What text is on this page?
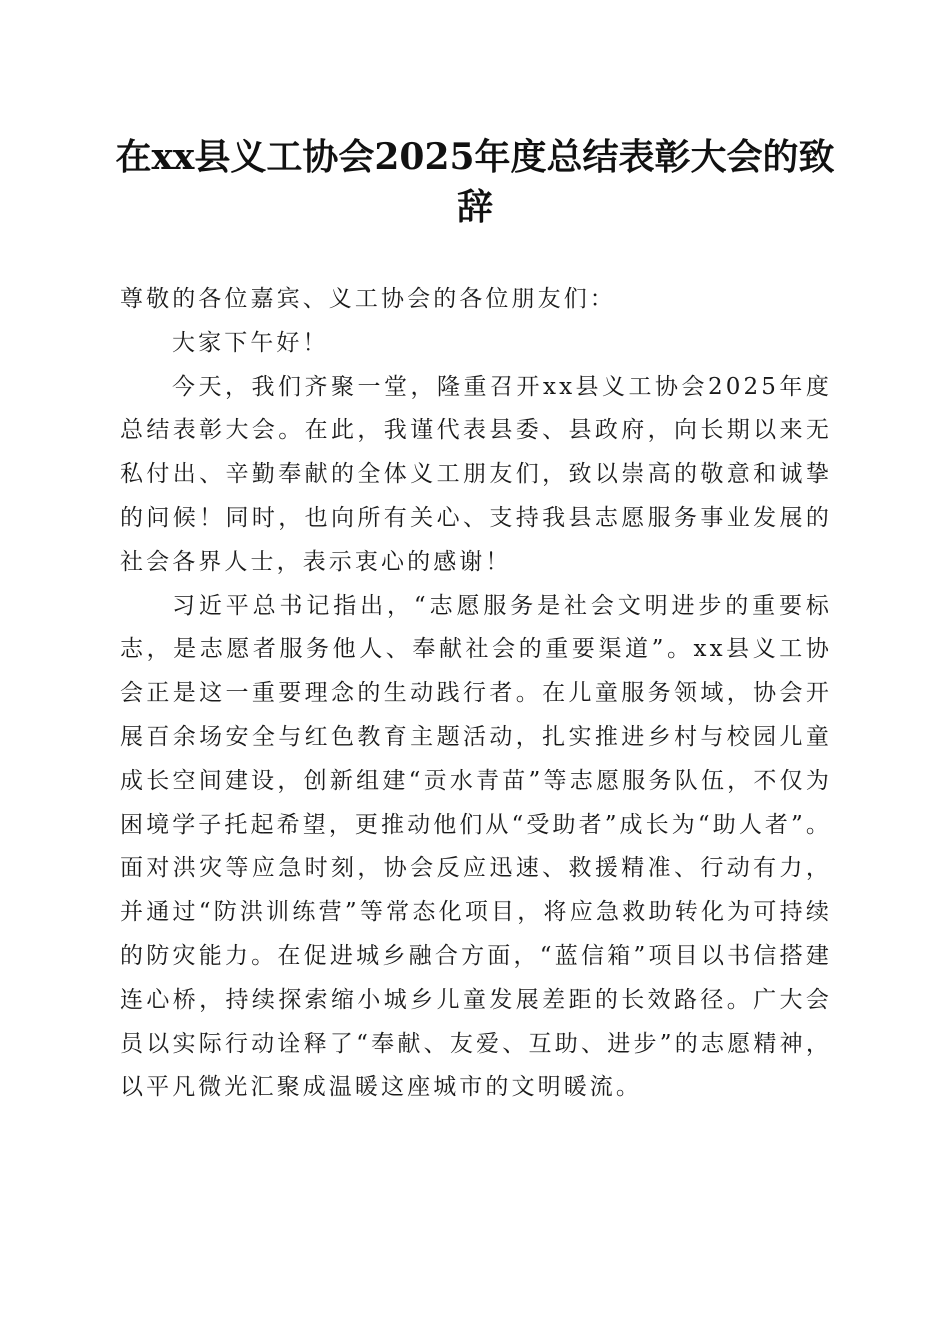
在xx县义工协会2025年度总结表彰大会的致辞

尊敬的各位嘉宾、义工协会的各位朋友们：

大家下午好！

今天，我们齐聚一堂，隆重召开xx县义工协会2025年度总结表彰大会。在此，我谨代表县委、县政府，向长期以来无私付出、辛勤奉献的全体义工朋友们，致以崇高的敬意和诚挚的问候！同时，也向所有关心、支持我县志愿服务事业发展的社会各界人士，表示衷心的感谢！

习近平总书记指出，“志愿服务是社会文明进步的重要标志，是志愿者服务他人、奉献社会的重要渠道”。xx县义工协会正是这一重要理念的生动践行者。在儿童服务领域，协会开展百余场安全与红色教育主题活动，扎实推进乡村与校园儿童成长空间建设，创新组建“贡水青苗”等志愿服务队伍，不仅为困境学子托起希望，更推动他们从“受助者”成长为“助人者”。面对洪灾等应急时刻，协会反应迅速、救援精准、行动有力，并通过“防洪训练营”等常态化项目，将应急救助转化为可持续的防灾能力。在促进城乡融合方面，“蓝信箱”项目以书信搭建连心桥，持续探索缩小城乡儿童发展差距的长效路径。广大会员以实际行动诠释了“奉献、友爱、互助、进步”的志愿精神，以平凡微光汇聚成温暖这座城市的文明暖流。
